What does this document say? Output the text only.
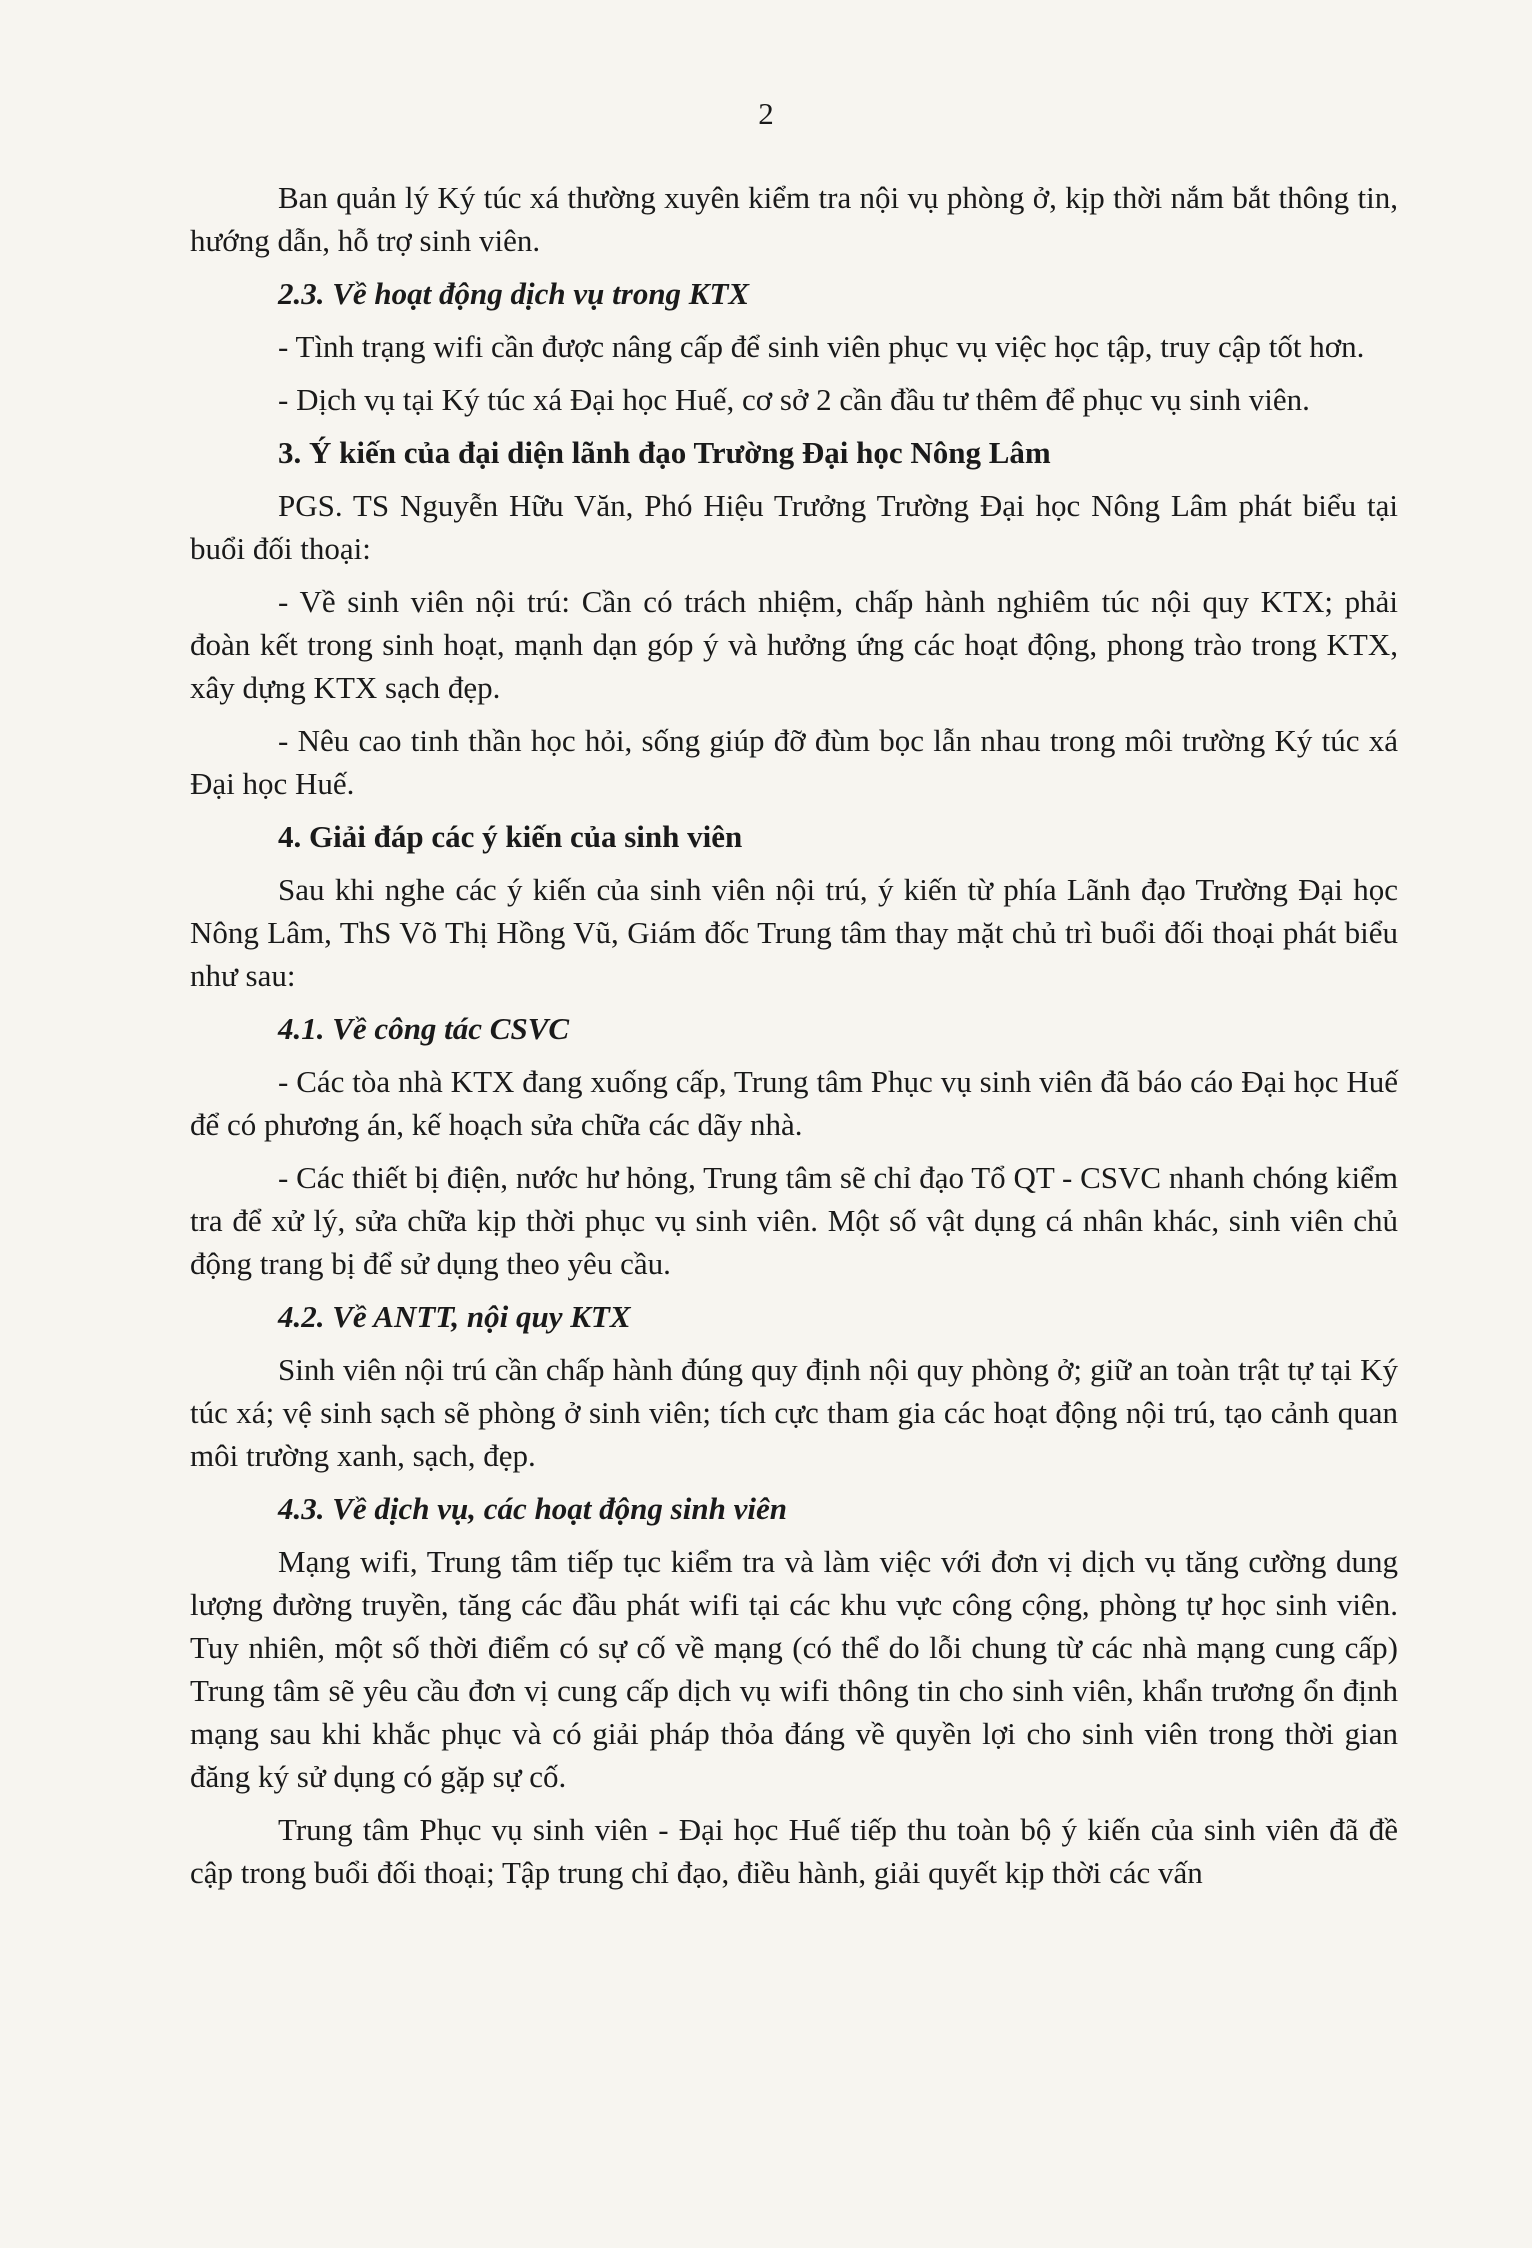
2

Ban quản lý Ký túc xá thường xuyên kiểm tra nội vụ phòng ở, kịp thời nắm bắt thông tin, hướng dẫn, hỗ trợ sinh viên.

2.3. Về hoạt động dịch vụ trong KTX

- Tình trạng wifi cần được nâng cấp để sinh viên phục vụ việc học tập, truy cập tốt hơn.

- Dịch vụ tại Ký túc xá Đại học Huế, cơ sở 2 cần đầu tư thêm để phục vụ sinh viên.

3. Ý kiến của đại diện lãnh đạo Trường Đại học Nông Lâm

PGS. TS Nguyễn Hữu Văn, Phó Hiệu Trưởng Trường Đại học Nông Lâm phát biểu tại buổi đối thoại:

- Về sinh viên nội trú: Cần có trách nhiệm, chấp hành nghiêm túc nội quy KTX; phải đoàn kết trong sinh hoạt, mạnh dạn góp ý và hưởng ứng các hoạt động, phong trào trong KTX, xây dựng KTX sạch đẹp.

- Nêu cao tinh thần học hỏi, sống giúp đỡ đùm bọc lẫn nhau trong môi trường Ký túc xá Đại học Huế.

4. Giải đáp các ý kiến của sinh viên

Sau khi nghe các ý kiến của sinh viên nội trú, ý kiến từ phía Lãnh đạo Trường Đại học Nông Lâm, ThS Võ Thị Hồng Vũ, Giám đốc Trung tâm thay mặt chủ trì buổi đối thoại phát biểu như sau:

4.1. Về công tác CSVC

- Các tòa nhà KTX đang xuống cấp, Trung tâm Phục vụ sinh viên đã báo cáo Đại học Huế để có phương án, kế hoạch sửa chữa các dãy nhà.

- Các thiết bị điện, nước hư hỏng, Trung tâm sẽ chỉ đạo Tổ QT - CSVC nhanh chóng kiểm tra để xử lý, sửa chữa kịp thời phục vụ sinh viên. Một số vật dụng cá nhân khác, sinh viên chủ động trang bị để sử dụng theo yêu cầu.

4.2. Về ANTT, nội quy KTX

Sinh viên nội trú cần chấp hành đúng quy định nội quy phòng ở; giữ an toàn trật tự tại Ký túc xá; vệ sinh sạch sẽ phòng ở sinh viên; tích cực tham gia các hoạt động nội trú, tạo cảnh quan môi trường xanh, sạch, đẹp.

4.3. Về dịch vụ, các hoạt động sinh viên

Mạng wifi, Trung tâm tiếp tục kiểm tra và làm việc với đơn vị dịch vụ tăng cường dung lượng đường truyền, tăng các đầu phát wifi tại các khu vực công cộng, phòng tự học sinh viên. Tuy nhiên, một số thời điểm có sự cố về mạng (có thể do lỗi chung từ các nhà mạng cung cấp) Trung tâm sẽ yêu cầu đơn vị cung cấp dịch vụ wifi thông tin cho sinh viên, khẩn trương ổn định mạng sau khi khắc phục và có giải pháp thỏa đáng về quyền lợi cho sinh viên trong thời gian đăng ký sử dụng có gặp sự cố.

Trung tâm Phục vụ sinh viên - Đại học Huế tiếp thu toàn bộ ý kiến của sinh viên đã đề cập trong buổi đối thoại; Tập trung chỉ đạo, điều hành, giải quyết kịp thời các vấn
